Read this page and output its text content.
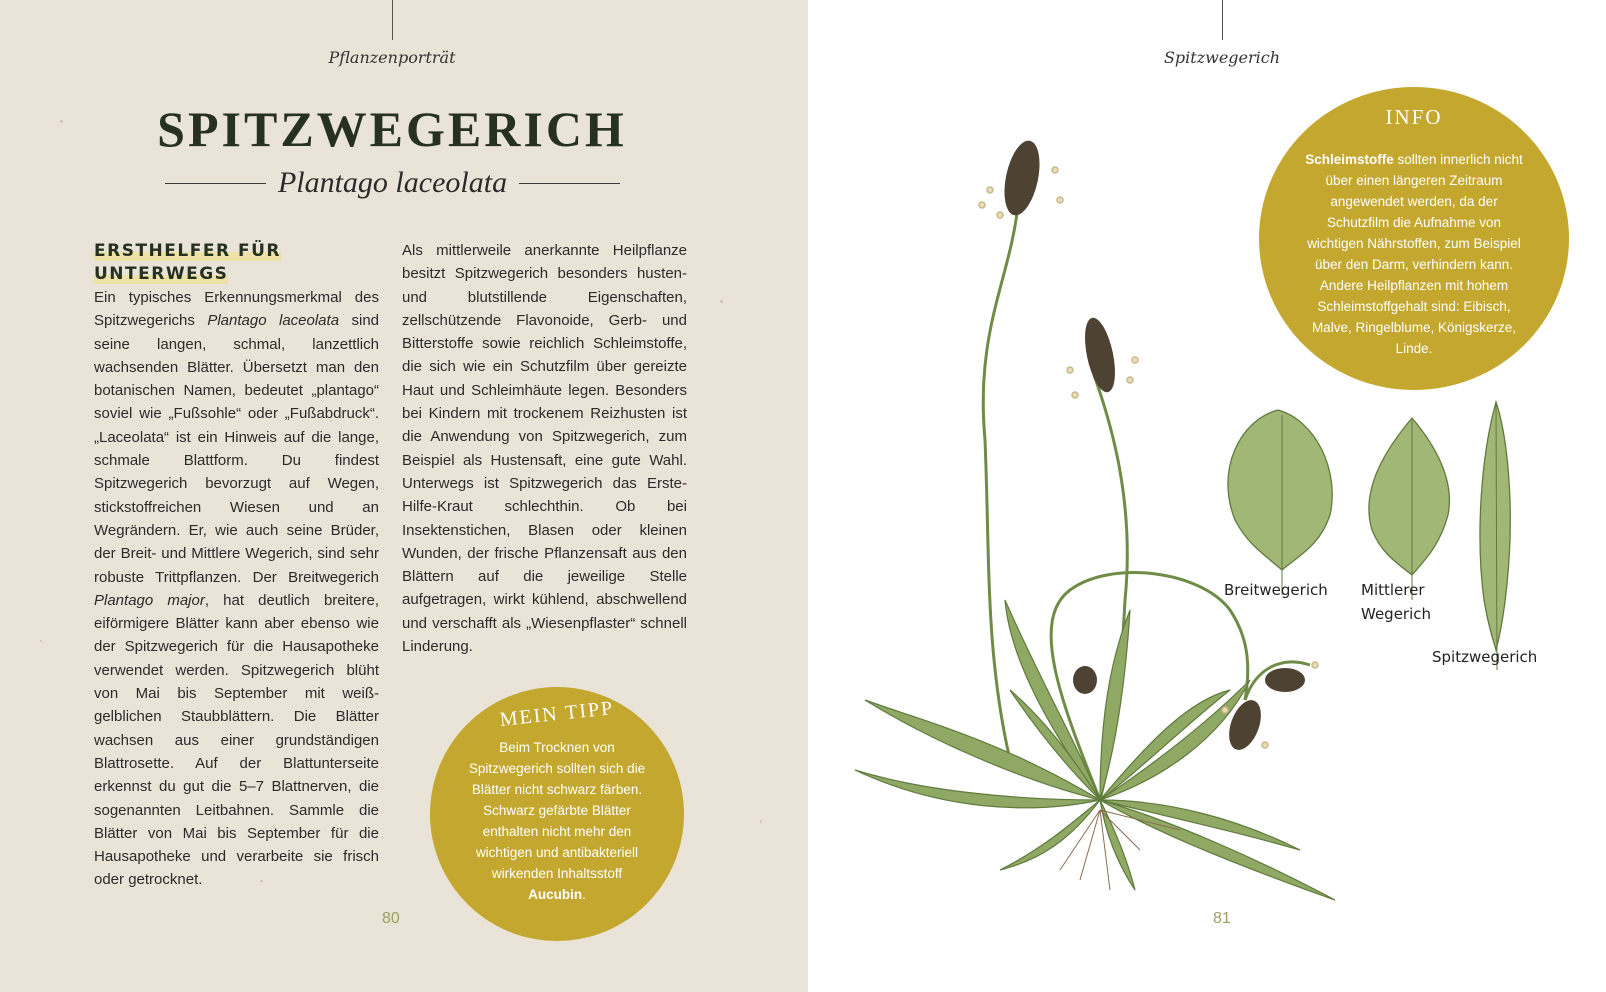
Pflanzenporträt
SPITZWEGERICH
Plantago laceolata
ERSTHELFER FÜR UNTERWEGS
Ein typisches Erkennungsmerkmal des Spitzwegerichs Plantago laceolata sind seine langen, schmal, lanzettlich wachsenden Blätter. Übersetzt man den botanischen Namen, bedeutet „plantago“ soviel wie „Fußsohle“ oder „Fußabdruck“. „Laceolata“ ist ein Hinweis auf die lange, schmale Blattform. Du findest Spitzwegerich bevorzugt auf Wegen, stickstoffreichen Wiesen und an Wegrändern. Er, wie auch seine Brüder, der Breit- und Mittlere Wegerich, sind sehr robuste Trittpflanzen. Der Breitwegerich Plantago major, hat deutlich breitere, eiförmigere Blätter kann aber ebenso wie der Spitzwegerich für die Hausapotheke verwendet werden. Spitzwegerich blüht von Mai bis September mit weiß-gelblichen Staubblättern. Die Blätter wachsen aus einer grundständigen Blattrosette. Auf der Blattunterseite erkennst du gut die 5–7 Blattnerven, die sogenannten Leitbahnen. Sammle die Blätter von Mai bis September für die Hausapotheke und verarbeite sie frisch oder getrocknet.
Als mittlerweile anerkannte Heilpflanze besitzt Spitzwegerich besonders husten- und blutstillende Eigenschaften, zellschützende Flavonoide, Gerb- und Bitterstoffe sowie reichlich Schleimstoffe, die sich wie ein Schutzfilm über gereizte Haut und Schleimhäute legen. Besonders bei Kindern mit trockenem Reizhusten ist die Anwendung von Spitzwegerich, zum Beispiel als Hustensaft, eine gute Wahl. Unterwegs ist Spitzwegerich das Erste-Hilfe-Kraut schlechthin. Ob bei Insektenstichen, Blasen oder kleinen Wunden, der frische Pflanzensaft aus den Blättern auf die jeweilige Stelle aufgetragen, wirkt kühlend, abschwellend und verschafft als „Wiesenpflaster“ schnell Linderung.
MEIN TIPP
Beim Trocknen von Spitzwegerich sollten sich die Blätter nicht schwarz färben. Schwarz gefärbte Blätter enthalten nicht mehr den wichtigen und antibakteriell wirkenden Inhaltsstoff Aucubin.
80
Spitzwegerich
81
INFO
Schleimstoffe sollten innerlich nicht über einen längeren Zeitraum angewendet werden, da der Schutzfilm die Aufnahme von wichtigen Nährstoffen, zum Beispiel über den Darm, verhindern kann. Andere Heilpflanzen mit hohem Schleimstoffgehalt sind: Eibisch, Malve, Ringelblume, Königskerze, Linde.
Breitwegerich Mittlerer Wegerich
Spitzwegerich
